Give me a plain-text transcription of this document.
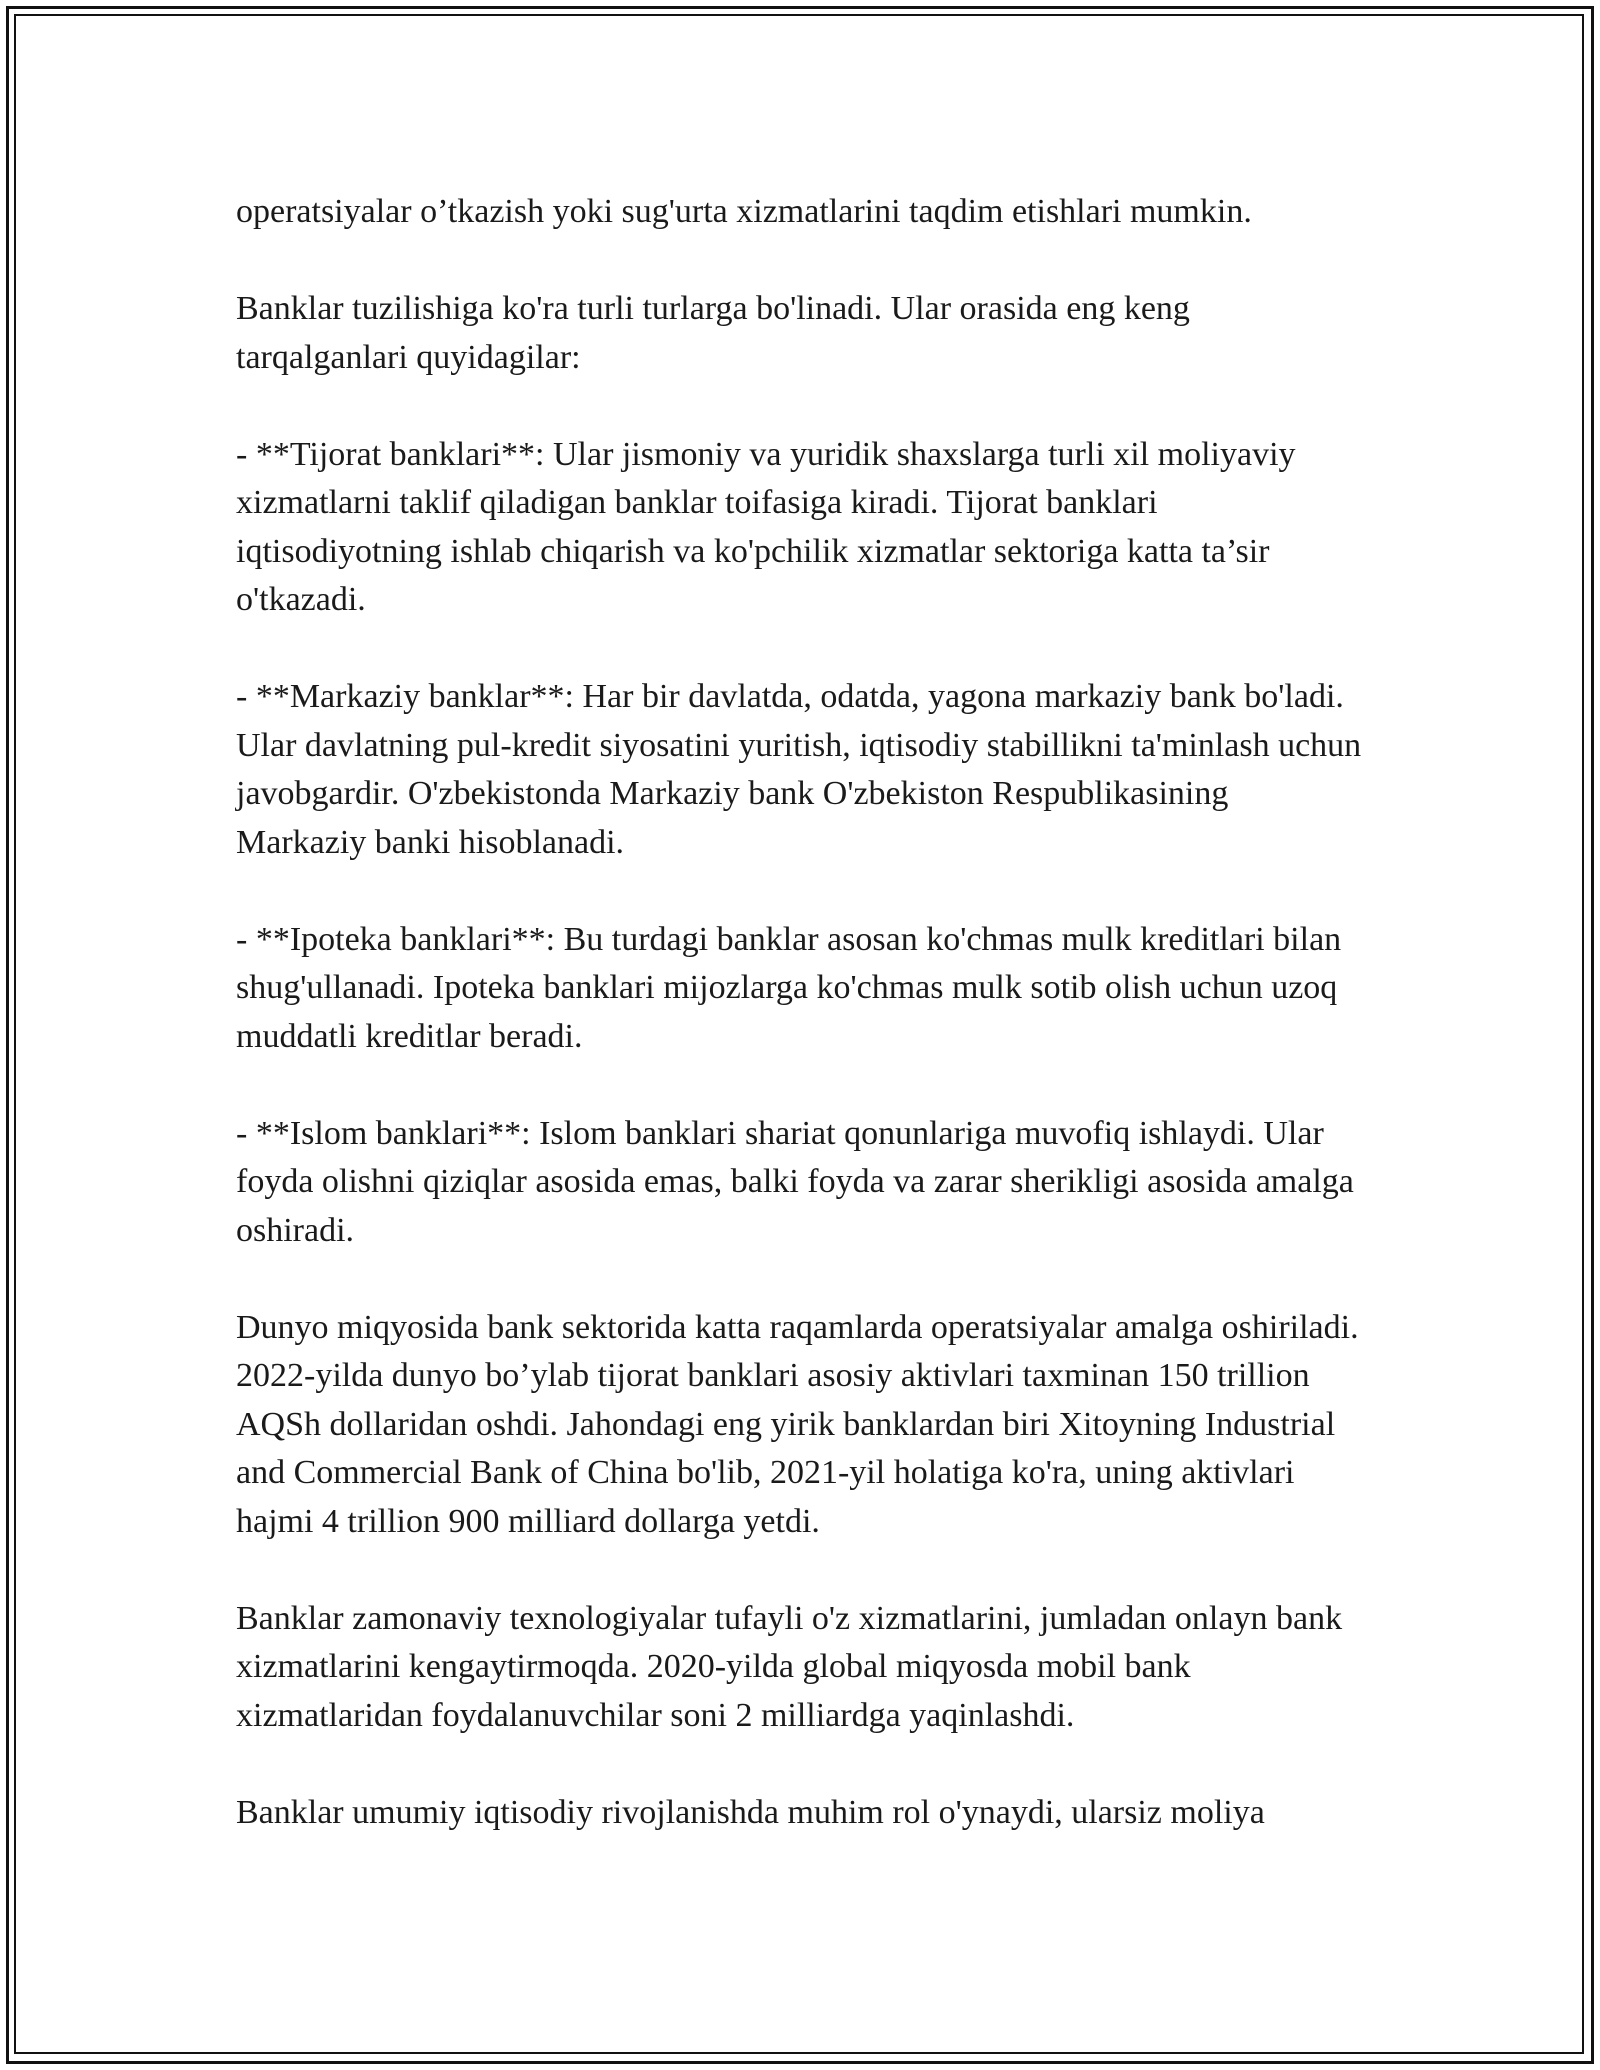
operatsiyalar o’tkazish yoki sug'urta xizmatlarini taqdim etishlari mumkin.

Banklar tuzilishiga ko'ra turli turlarga bo'linadi. Ular orasida eng keng tarqalganlari quyidagilar:

- **Tijorat banklari**: Ular jismoniy va yuridik shaxslarga turli xil moliyaviy xizmatlarni taklif qiladigan banklar toifasiga kiradi. Tijorat banklari iqtisodiyotning ishlab chiqarish va ko'pchilik xizmatlar sektoriga katta ta’sir o'tkazadi.

- **Markaziy banklar**: Har bir davlatda, odatda, yagona markaziy bank bo'ladi. Ular davlatning pul-kredit siyosatini yuritish, iqtisodiy stabillikni ta'minlash uchun javobgardir. O'zbekistonda Markaziy bank O'zbekiston Respublikasining Markaziy banki hisoblanadi.

- **Ipoteka banklari**: Bu turdagi banklar asosan ko'chmas mulk kreditlari bilan shug'ullanadi. Ipoteka banklari mijozlarga ko'chmas mulk sotib olish uchun uzoq muddatli kreditlar beradi.

- **Islom banklari**: Islom banklari shariat qonunlariga muvofiq ishlaydi. Ular foyda olishni qiziqlar asosida emas, balki foyda va zarar sherikligi asosida amalga oshiradi.

Dunyo miqyosida bank sektorida katta raqamlarda operatsiyalar amalga oshiriladi. 2022-yilda dunyo bo’ylab tijorat banklari asosiy aktivlari taxminan 150 trillion AQSh dollaridan oshdi. Jahondagi eng yirik banklardan biri Xitoyning Industrial and Commercial Bank of China bo'lib, 2021-yil holatiga ko'ra, uning aktivlari hajmi 4 trillion 900 milliard dollarga yetdi.

Banklar zamonaviy texnologiyalar tufayli o'z xizmatlarini, jumladan onlayn bank xizmatlarini kengaytirmoqda. 2020-yilda global miqyosda mobil bank xizmatlaridan foydalanuvchilar soni 2 milliardga yaqinlashdi.

Banklar umumiy iqtisodiy rivojlanishda muhim rol o'ynaydi, ularsiz moliya
